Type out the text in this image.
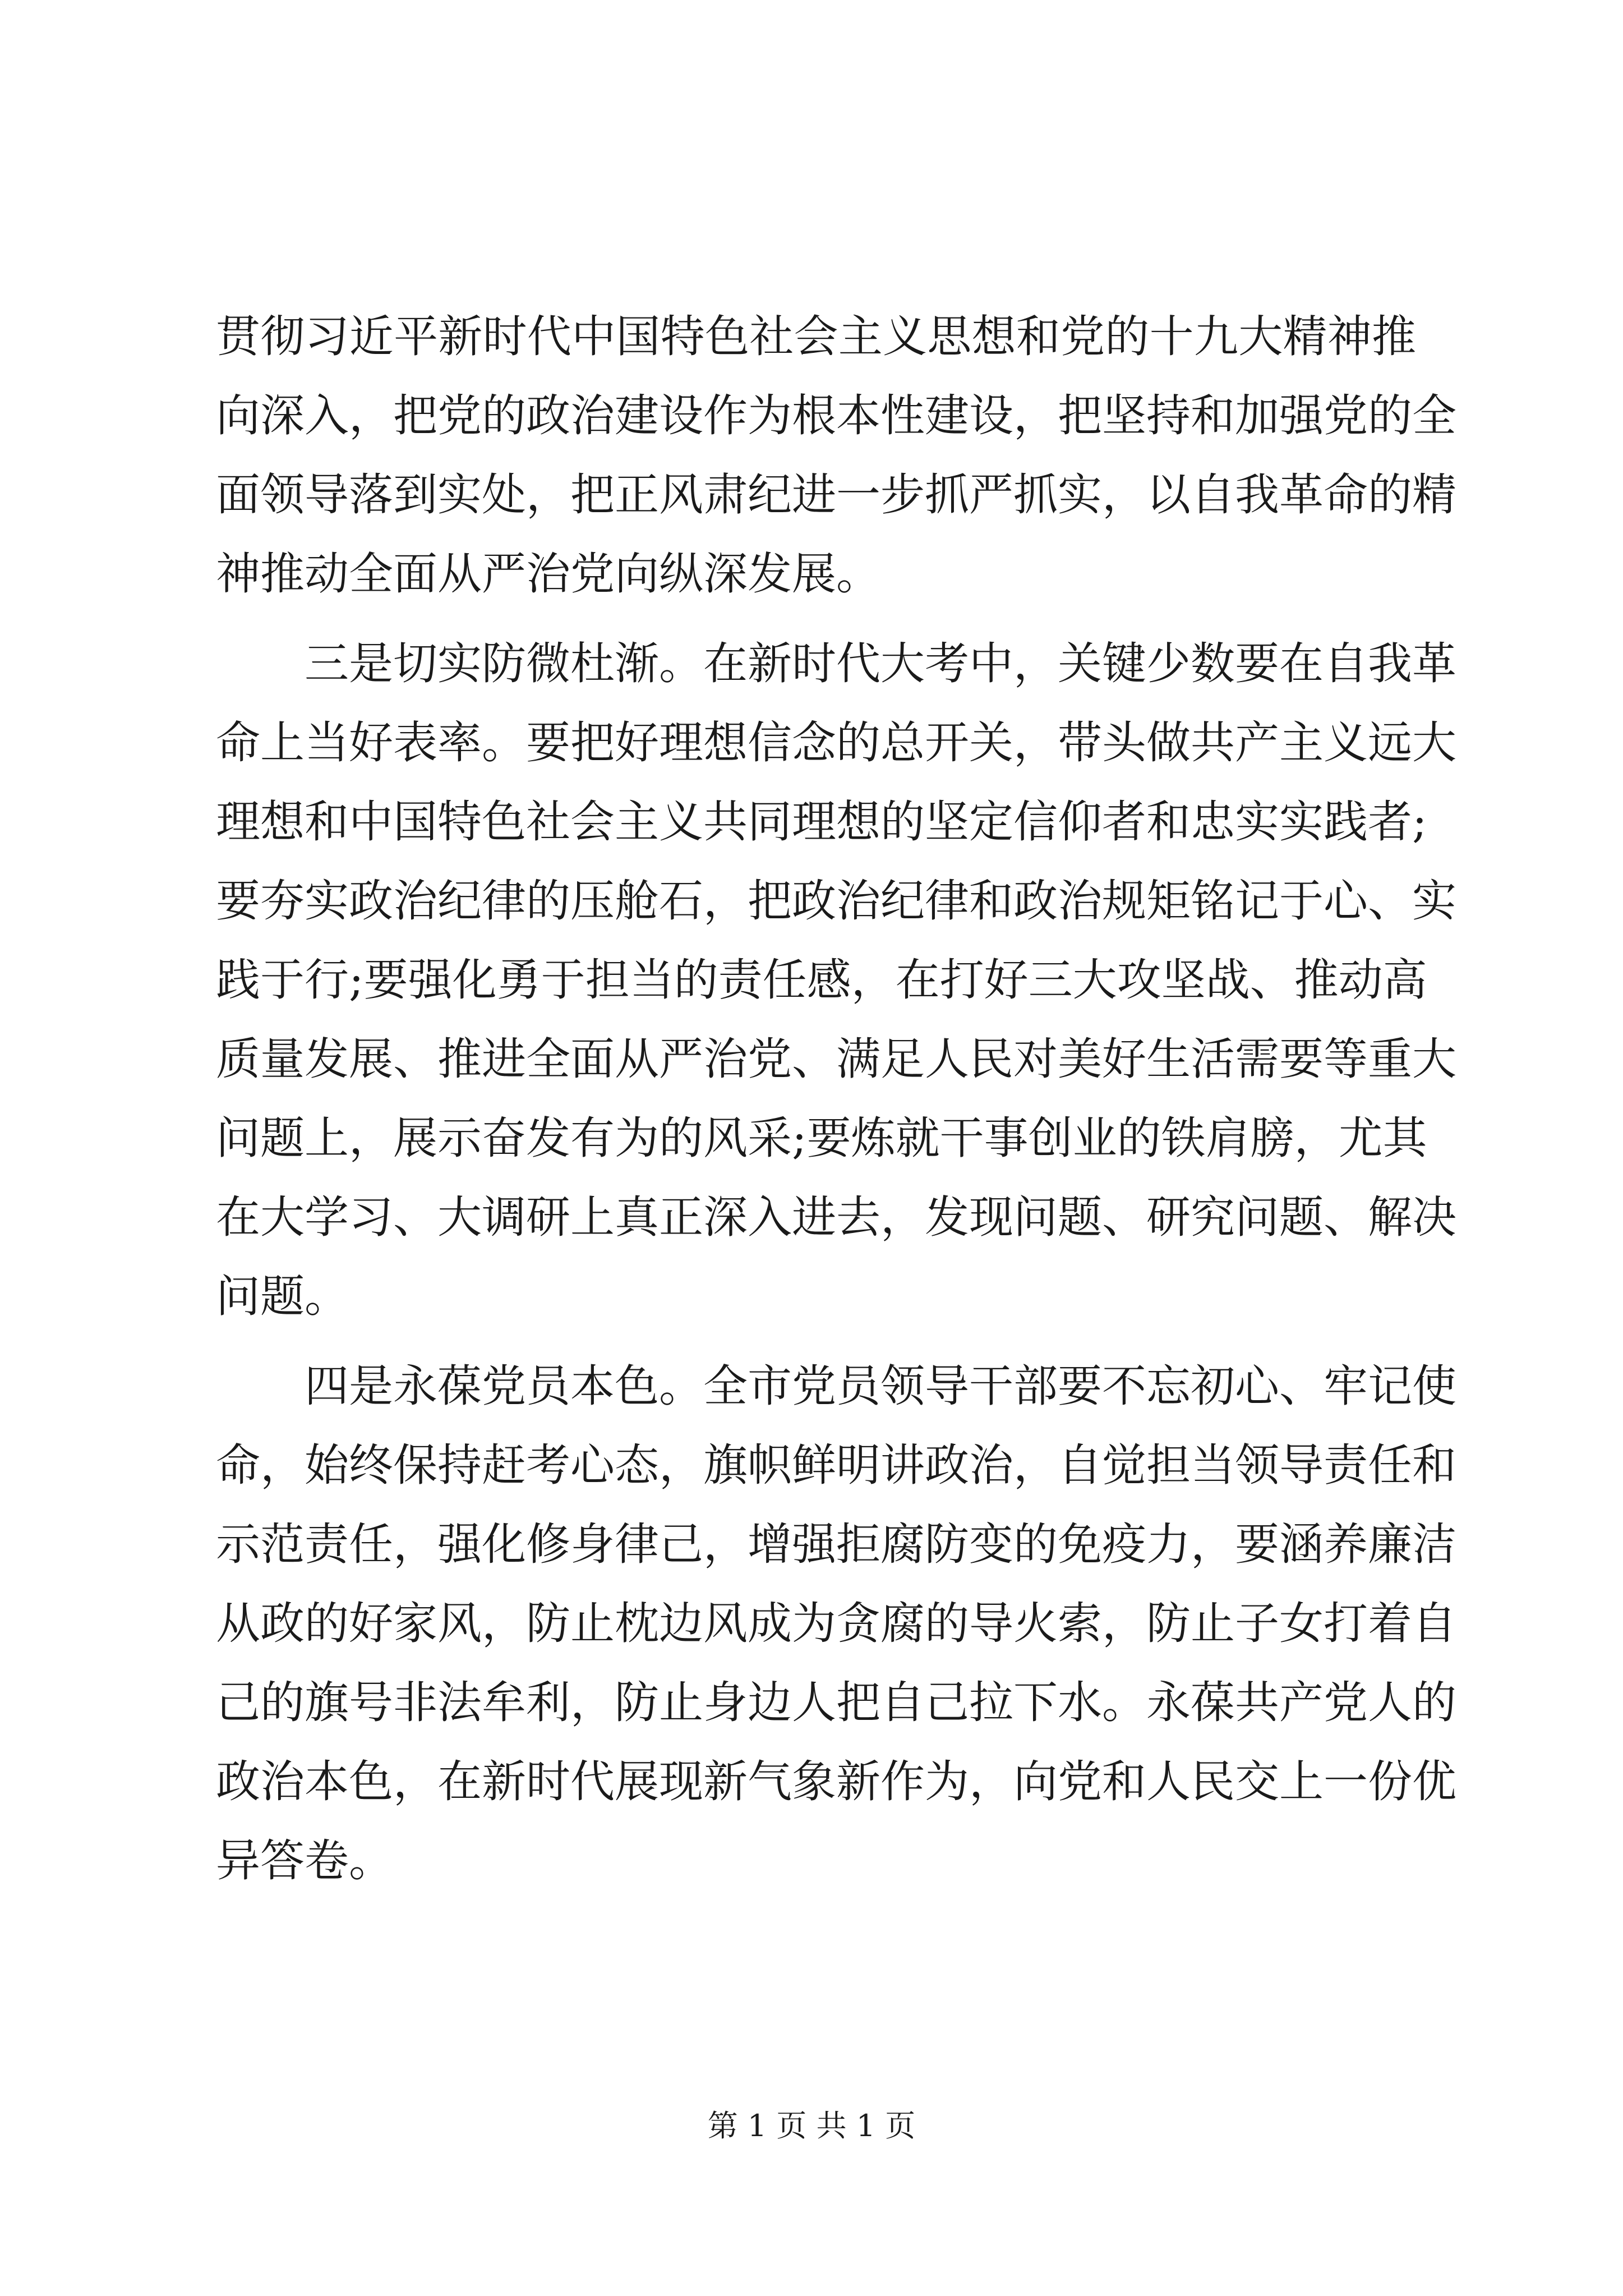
贯彻习近平新时代中国特色社会主义思想和党的十九大精神推
向深入，把党的政治建设作为根本性建设，把坚持和加强党的全
面领导落到实处，把正风肃纪进一步抓严抓实，以自我革命的精
神推动全面从严治党向纵深发展。
　　三是切实防微杜渐。在新时代大考中，关键少数要在自我革
命上当好表率。要把好理想信念的总开关，带头做共产主义远大
理想和中国特色社会主义共同理想的坚定信仰者和忠实实践者;
要夯实政治纪律的压舱石，把政治纪律和政治规矩铭记于心、实
践于行;要强化勇于担当的责任感，在打好三大攻坚战、推动高
质量发展、推进全面从严治党、满足人民对美好生活需要等重大
问题上，展示奋发有为的风采;要炼就干事创业的铁肩膀，尤其
在大学习、大调研上真正深入进去，发现问题、研究问题、解决
问题。
　　四是永葆党员本色。全市党员领导干部要不忘初心、牢记使
命，始终保持赶考心态，旗帜鲜明讲政治，自觉担当领导责任和
示范责任，强化修身律己，增强拒腐防变的免疫力，要涵养廉洁
从政的好家风，防止枕边风成为贪腐的导火索，防止子女打着自
己的旗号非法牟利，防止身边人把自己拉下水。永葆共产党人的
政治本色，在新时代展现新气象新作为，向党和人民交上一份优
异答卷。
第 1 页 共 1 页
